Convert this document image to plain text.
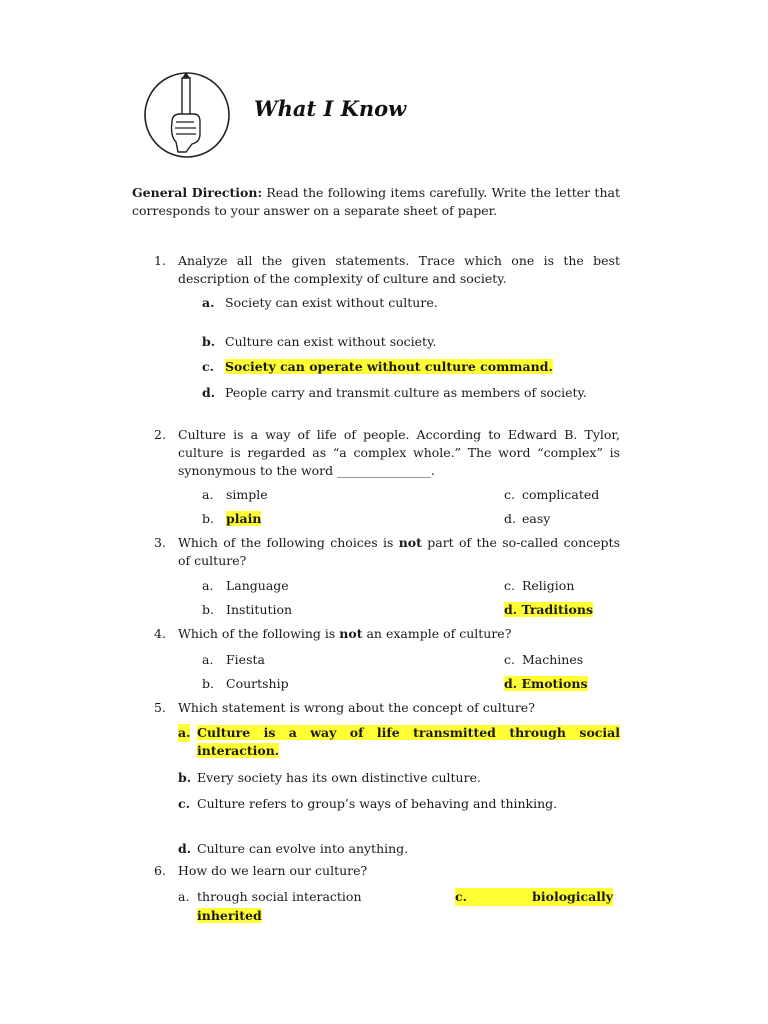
What I Know
General Direction: Read the following items carefully. Write the letter that corresponds to your answer on a separate sheet of paper.
1. Analyze all the given statements. Trace which one is the best description of the complexity of culture and society.
a. Society can exist without culture.
b. Culture can exist without society.
c. Society can operate without culture command.
d. People carry and transmit culture as members of society.
2. Culture is a way of life of people. According to Edward B. Tylor, culture is regarded as “a complex whole.” The word “complex” is synonymous to the word _______________.
a. simple
b. plain
c. complicated
d. easy
3. Which of the following choices is not part of the so-called concepts of culture?
a. Language
b. Institution
c. Religion
d. Traditions
4. Which of the following is not an example of culture?
a. Fiesta
b. Courtship
c. Machines
d. Emotions
5. Which statement is wrong about the concept of culture?
a. Culture is a way of life transmitted through social interaction.
b. Every society has its own distinctive culture.
c. Culture refers to group’s ways of behaving and thinking.
d. Culture can evolve into anything.
6. How do we learn our culture?
a. through social interaction	c.	biologically
inherited
